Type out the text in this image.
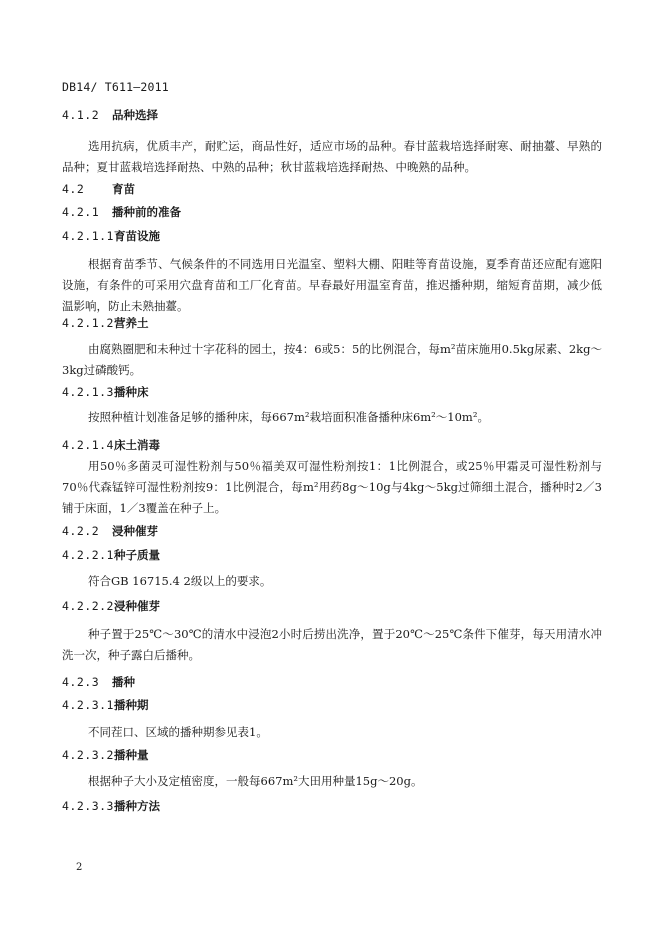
DB14/ T611—2011
4.1.2 品种选择
选用抗病，优质丰产，耐贮运，商品性好，适应市场的品种。春甘蓝栽培选择耐寒、耐抽薹、早熟的品种；夏甘蓝栽培选择耐热、中熟的品种；秋甘蓝栽培选择耐热、中晚熟的品种。
4.2 育苗
4.2.1 播种前的准备
4.2.1.1育苗设施
根据育苗季节、气候条件的不同选用日光温室、塑料大棚、阳畦等育苗设施，夏季育苗还应配有遮阳设施，有条件的可采用穴盘育苗和工厂化育苗。早春最好用温室育苗，推迟播种期，缩短育苗期，减少低温影响，防止未熟抽薹。
4.2.1.2营养土
由腐熟圈肥和未种过十字花科的园土，按4：6或5：5的比例混合，每m²苗床施用0.5kg尿素、2kg～3kg过磷酸钙。
4.2.1.3播种床
按照种植计划准备足够的播种床，每667m²栽培面积准备播种床6m²～10m²。
4.2.1.4床土消毒
用50％多菌灵可湿性粉剂与50％福美双可湿性粉剂按1：1比例混合，或25％甲霜灵可湿性粉剂与70％代森锰锌可湿性粉剂按9：1比例混合，每m²用药8g～10g与4kg～5kg过筛细土混合，播种时2／3铺于床面，1／3覆盖在种子上。
4.2.2 浸种催芽
4.2.2.1种子质量
符合GB 16715.4 2级以上的要求。
4.2.2.2浸种催芽
种子置于25℃～30℃的清水中浸泡2小时后捞出洗净，置于20℃～25℃条件下催芽，每天用清水冲洗一次，种子露白后播种。
4.2.3 播种
4.2.3.1播种期
不同茬口、区域的播种期参见表1。
4.2.3.2播种量
根据种子大小及定植密度，一般每667m²大田用种量15g～20g。
4.2.3.3播种方法
2
